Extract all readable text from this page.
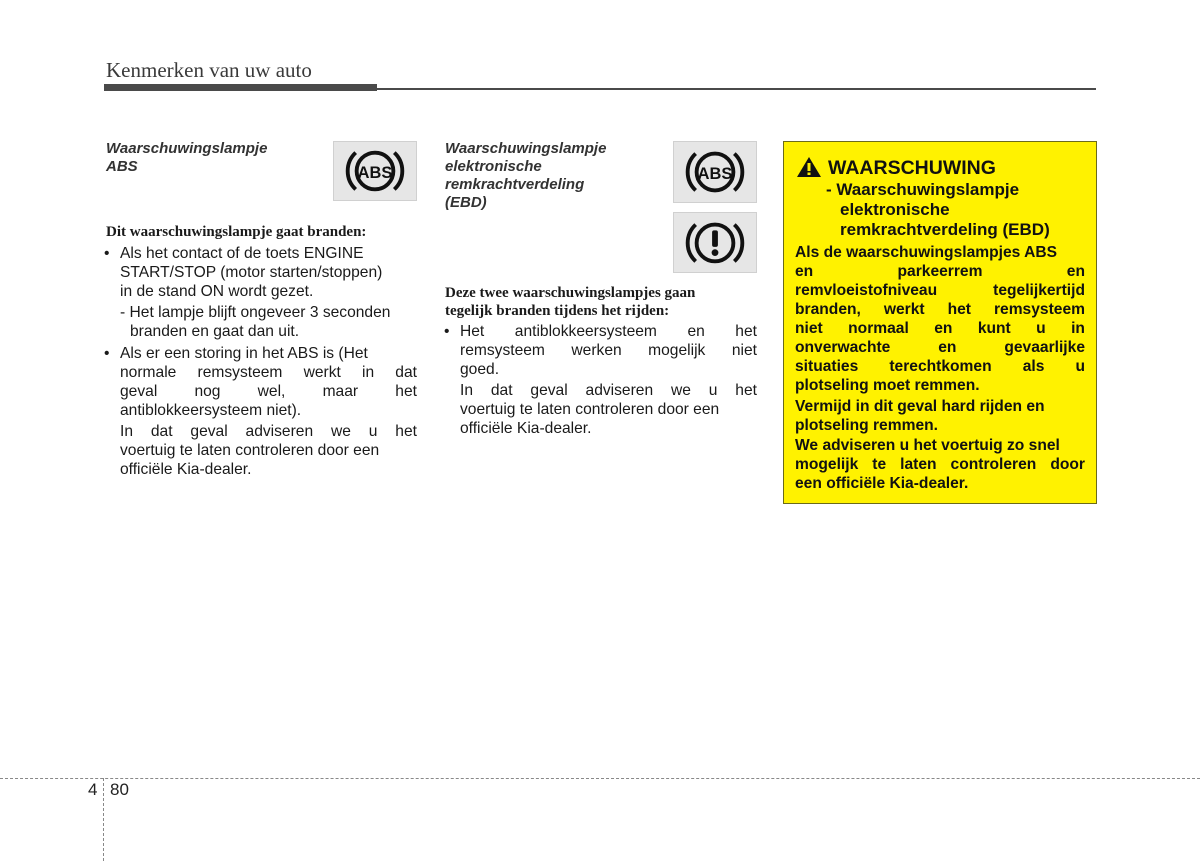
Kenmerken van uw auto
Waarschuwingslampje
ABS	ABS
Dit waarschuwingslampje gaat branden:
• Als het contact of de toets ENGINE
START/STOP (motor starten/stoppen)
in de stand ON wordt gezet.
- Het lampje blijft ongeveer 3 seconden
branden en gaat dan uit.
• Als er een storing in het ABS is (Het
normale remsysteem werkt in dat
geval nog wel, maar het
antiblokkeersysteem niet).
In dat geval adviseren we u het
voertuig te laten controleren door een
officiële Kia-dealer.
Waarschuwingslampje
elektronische
remkrachtverdeling
(EBD)
ABS
Deze twee waarschuwingslampjes gaan
tegelijk branden tijdens het rijden:
• Het antiblokkeersysteem en het
remsysteem werken mogelijk niet
goed.
In dat geval adviseren we u het
voertuig te laten controleren door een
officiële Kia-dealer.
WAARSCHUWING
- Waarschuwingslampje
elektronische
remkrachtverdeling (EBD)
Als de waarschuwingslampjes ABS
en	parkeerrem	en
remvloeistofniveau	tegelijkertijd
branden, werkt het remsysteem
niet normaal en kunt u in
onverwachte	en	gevaarlijke
situaties terechtkomen als u
plotseling moet remmen.
Vermijd in dit geval hard rijden en
plotseling remmen.
We adviseren u het voertuig zo snel
mogelijk te laten controleren door
een officiële Kia-dealer.
4 80
